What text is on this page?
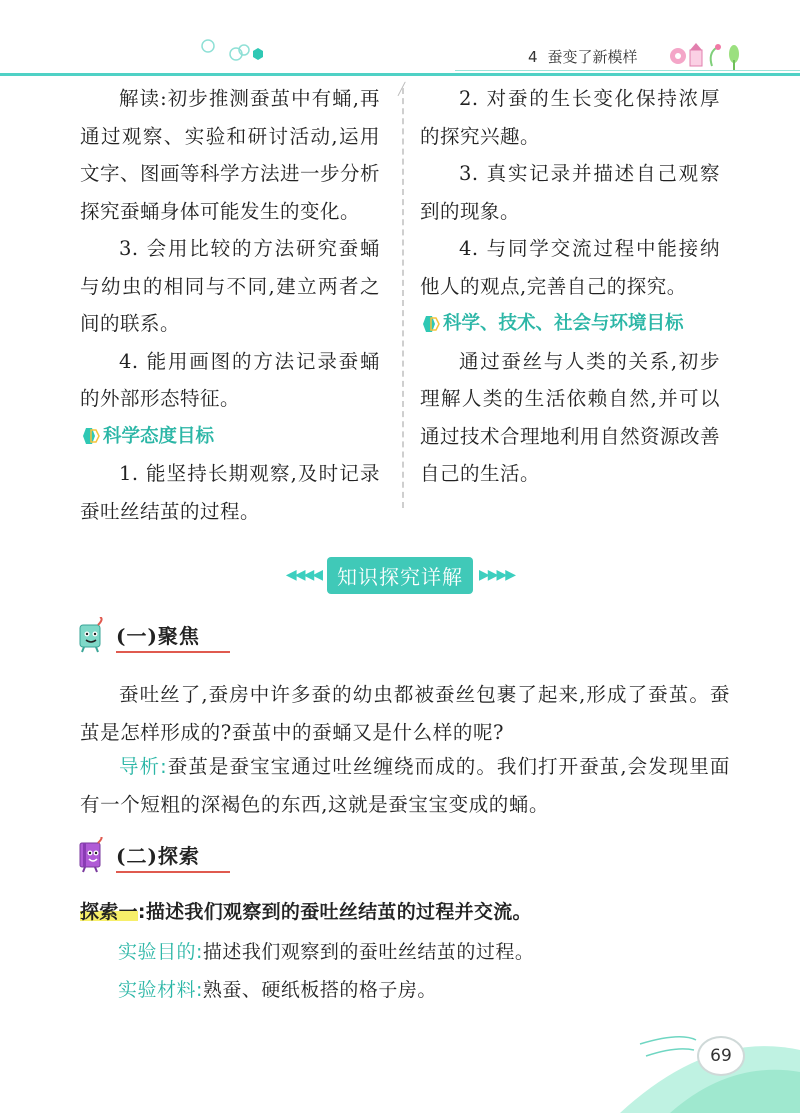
4 蚕变了新模样

解读:初步推测蚕茧中有蛹,再通过观察、实验和研讨活动,运用文字、图画等科学方法进一步分析探究蚕蛹身体可能发生的变化。

3. 会用比较的方法研究蚕蛹与幼虫的相同与不同,建立两者之间的联系。

4. 能用画图的方法记录蚕蛹的外部形态特征。

科学态度目标

1. 能坚持长期观察,及时记录蚕吐丝结茧的过程。

╱	2. 对蚕的生长变化保持浓厚的探究兴趣。

3. 真实记录并描述自己观察到的现象。

4. 与同学交流过程中能接纳他人的观点,完善自己的探究。

科学、技术、社会与环境目标

通过蚕丝与人类的关系,初步理解人类的生活依赖自然,并可以通过技术合理地利用自然资源改善自己的生活。

◀◀◀◀ 知识探究详解	▶▶▶▶
(一)聚焦

蚕吐丝了,蚕房中许多蚕的幼虫都被蚕丝包裹了起来,形成了蚕茧。蚕茧是怎样形成的?蚕茧中的蚕蛹又是什么样的呢?

导析:蚕茧是蚕宝宝通过吐丝缠绕而成的。我们打开蚕茧,会发现里面有一个短粗的深褐色的东西,这就是蚕宝宝变成的蛹。

(二)探索
探索一:描述我们观察到的蚕吐丝结茧的过程并交流。
实验目的:描述我们观察到的蚕吐丝结茧的过程。
实验材料:熟蚕、硬纸板搭的格子房。
69
